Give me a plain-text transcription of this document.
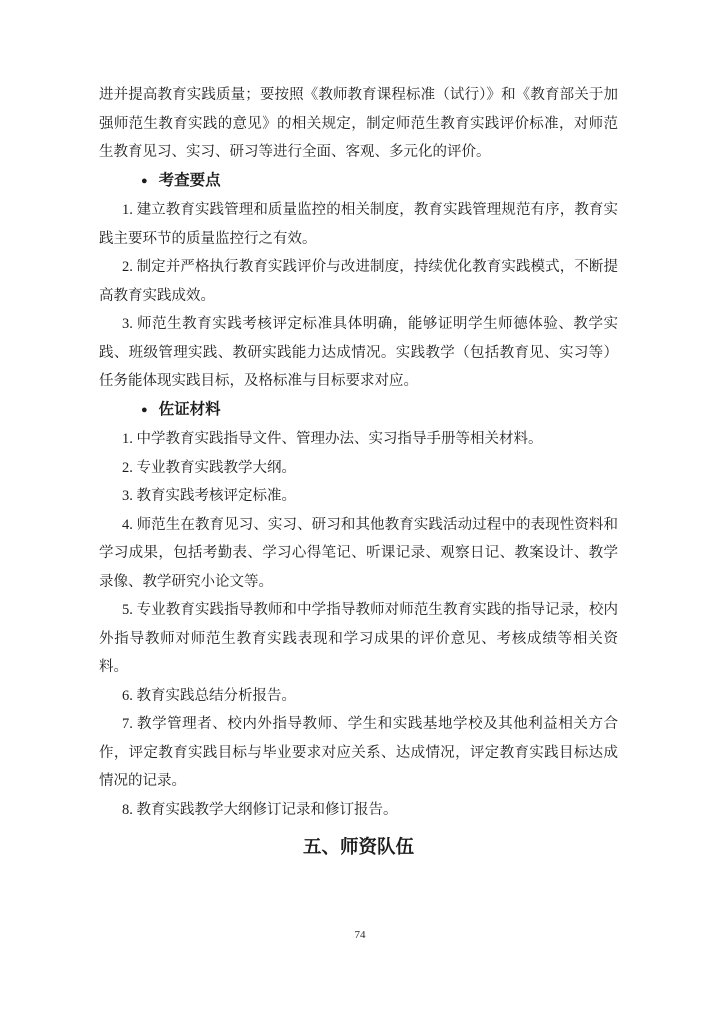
进并提高教育实践质量；要按照《教师教育课程标准（试行）》和《教育部关于加强师范生教育实践的意见》的相关规定，制定师范生教育实践评价标准，对师范生教育见习、实习、研习等进行全面、客观、多元化的评价。

● 考查要点

1. 建立教育实践管理和质量监控的相关制度，教育实践管理规范有序，教育实践主要环节的质量监控行之有效。

2. 制定并严格执行教育实践评价与改进制度，持续优化教育实践模式，不断提高教育实践成效。

3. 师范生教育实践考核评定标准具体明确，能够证明学生师德体验、教学实践、班级管理实践、教研实践能力达成情况。实践教学（包括教育见、实习等）任务能体现实践目标，及格标准与目标要求对应。

● 佐证材料

1. 中学教育实践指导文件、管理办法、实习指导手册等相关材料。

2. 专业教育实践教学大纲。

3. 教育实践考核评定标准。

4. 师范生在教育见习、实习、研习和其他教育实践活动过程中的表现性资料和学习成果，包括考勤表、学习心得笔记、听课记录、观察日记、教案设计、教学录像、教学研究小论文等。

5. 专业教育实践指导教师和中学指导教师对师范生教育实践的指导记录，校内外指导教师对师范生教育实践表现和学习成果的评价意见、考核成绩等相关资料。

6. 教育实践总结分析报告。

7. 教学管理者、校内外指导教师、学生和实践基地学校及其他利益相关方合作，评定教育实践目标与毕业要求对应关系、达成情况，评定教育实践目标达成情况的记录。

8. 教育实践教学大纲修订记录和修订报告。

五、师资队伍

74
